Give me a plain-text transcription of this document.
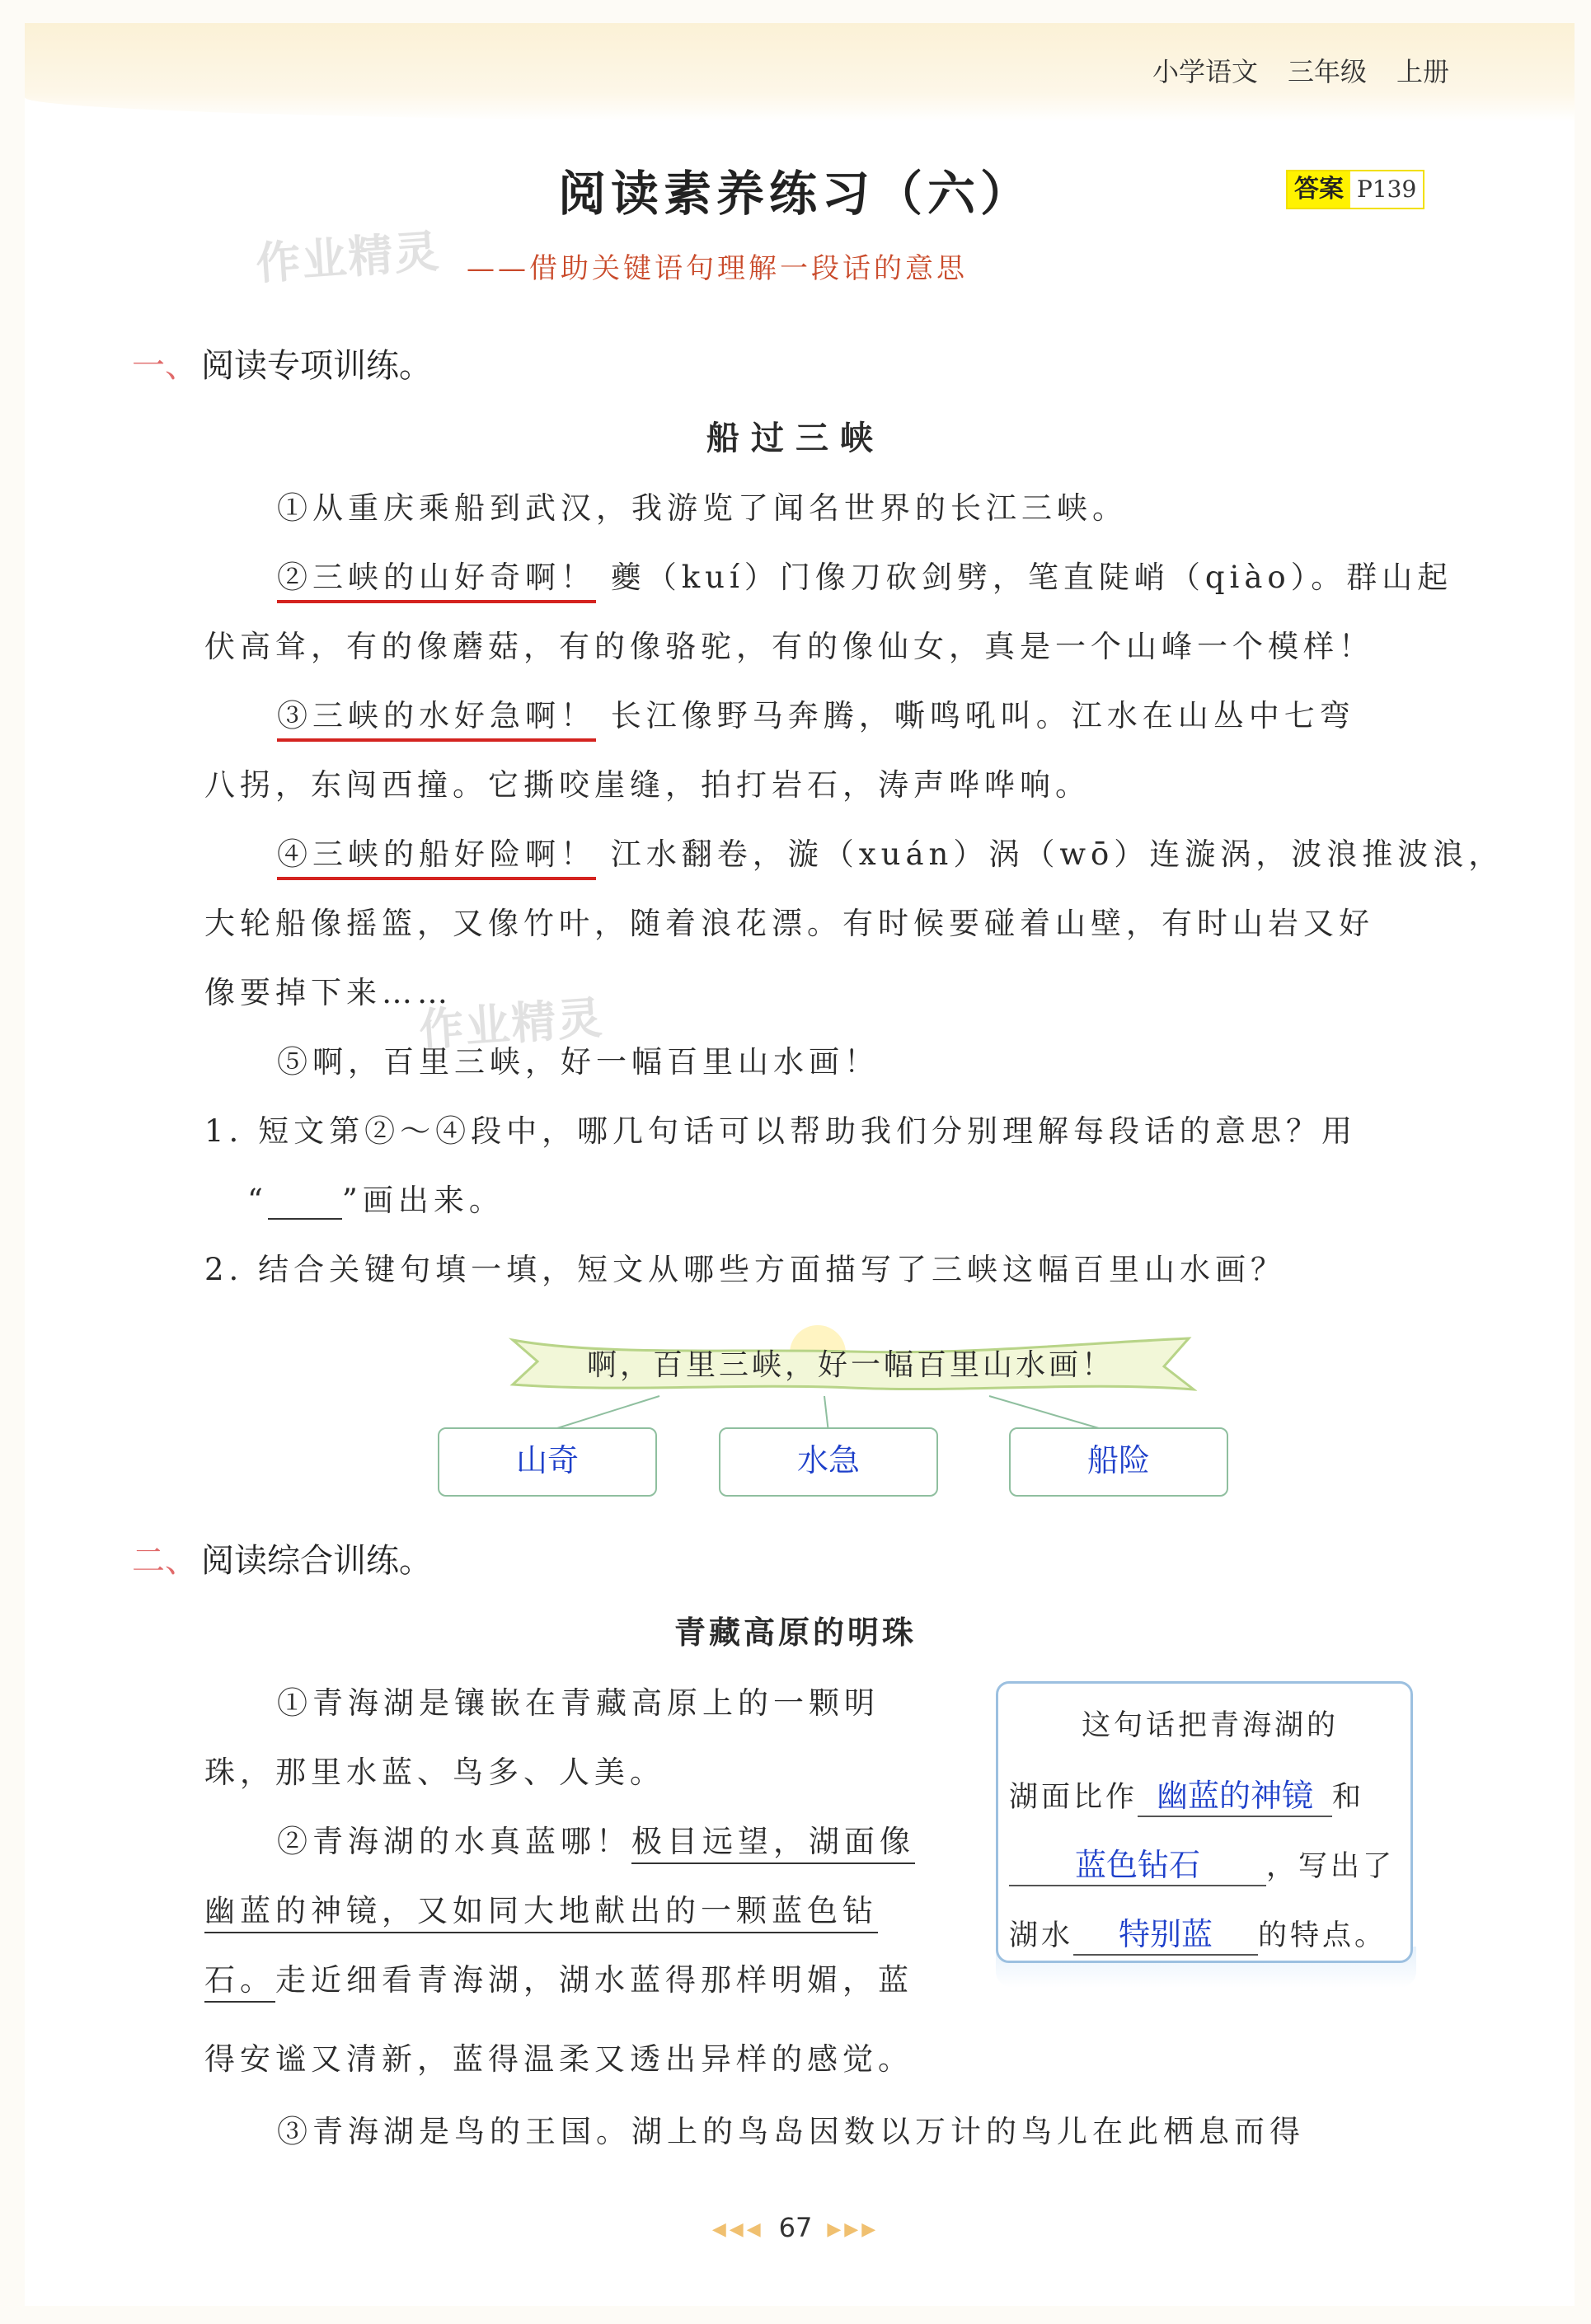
小学语文 三年级 上册
阅读素养练习（六）	答案 P139
作业精灵
作业精灵
——借助关键语句理解一段话的意思
一、 阅读专项训练。
船过三峡
①从重庆乘船到武汉，我游览了闻名世界的长江三峡。
②三峡的山好奇啊！ 夔（kuí）门像刀砍剑劈，笔直陡峭（qiào）。群山起
伏高耸，有的像蘑菇，有的像骆驼，有的像仙女，真是一个山峰一个模样！
③三峡的水好急啊！ 长江像野马奔腾，嘶鸣吼叫。江水在山丛中七弯
八拐，东闯西撞。它撕咬崖缝，拍打岩石，涛声哗哗响。
④三峡的船好险啊！ 江水翻卷，漩（xuán）涡（wō）连漩涡，波浪推波浪，
大轮船像摇篮，又像竹叶，随着浪花漂。有时候要碰着山壁，有时山岩又好
像要掉下来……
⑤啊，百里三峡，好一幅百里山水画！
1. 短文第②～④段中，哪几句话可以帮助我们分别理解每段话的意思？用
“ ”画出来。
2. 结合关键句填一填，短文从哪些方面描写了三峡这幅百里山水画？
啊，百里三峡，好一幅百里山水画！
山奇	水急	船险
二、 阅读综合训练。
青藏高原的明珠
①青海湖是镶嵌在青藏高原上的一颗明
珠，那里水蓝、鸟多、人美。
②青海湖的水真蓝哪！极目远望，湖面像
幽蓝的神镜，又如同大地献出的一颗蓝色钻
石。走近细看青海湖，湖水蓝得那样明媚，蓝
得安谧又清新，蓝得温柔又透出异样的感觉。
③青海湖是鸟的王国。湖上的鸟岛因数以万计的鸟儿在此栖息而得
这句话把青海湖的
湖面比作 幽蓝的神镜 和
蓝色钻石 ，写出了
湖水 特别蓝 的特点。
◀◀◀ 67 ▶▶▶
